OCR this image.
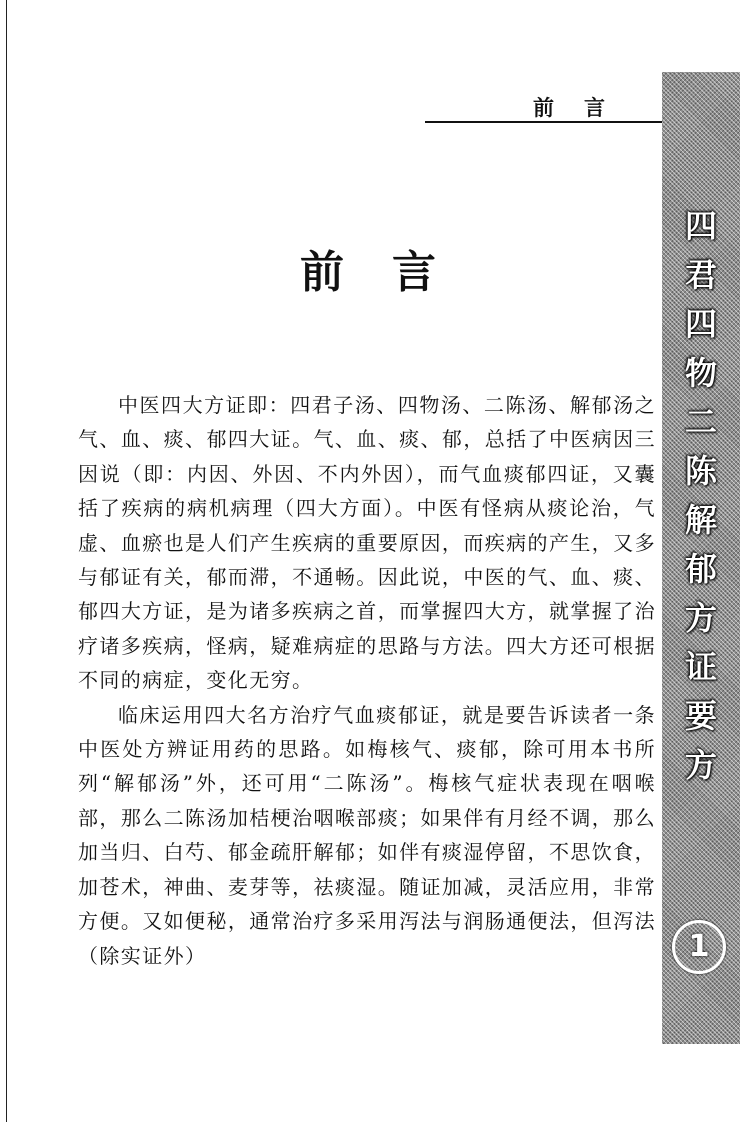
前言
四
君
四
物
二
陈
解
郁
方
证
要
方
1
前言

中医四大方证即：四君子汤、四物汤、二陈汤、解郁汤之气、血、痰、郁四大证。气、血、痰、郁，总括了中医病因三因说（即：内因、外因、不内外因），而气血痰郁四证，又囊括了疾病的病机病理（四大方面）。中医有怪病从痰论治，气虚、血瘀也是人们产生疾病的重要原因，而疾病的产生，又多与郁证有关，郁而滞，不通畅。因此说，中医的气、血、痰、郁四大方证，是为诸多疾病之首，而掌握四大方，就掌握了治疗诸多疾病，怪病，疑难病症的思路与方法。四大方还可根据不同的病症，变化无穷。

临床运用四大名方治疗气血痰郁证，就是要告诉读者一条中医处方辨证用药的思路。如梅核气、痰郁，除可用本书所列“解郁汤”外，还可用“二陈汤”。梅核气症状表现在咽喉部，那么二陈汤加桔梗治咽喉部痰；如果伴有月经不调，那么加当归、白芍、郁金疏肝解郁；如伴有痰湿停留，不思饮食，加苍术，神曲、麦芽等，祛痰湿。随证加减，灵活应用，非常方便。又如便秘，通常治疗多采用泻法与润肠通便法，但泻法（除实证外）
